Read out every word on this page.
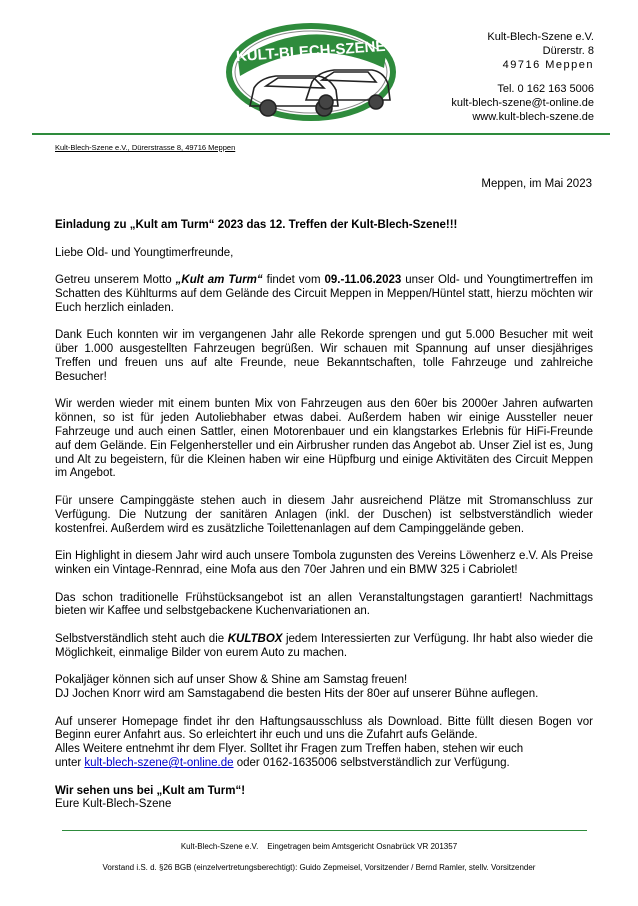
KULT-BLECH-SZENE
Kult-Blech-Szene e.V.
Dürerstr. 8
49716 Meppen
Tel. 0 162 163 5006
kult-blech-szene@t-online.de
www.kult-blech-szene.de
Kult-Blech-Szene e.V., Dürerstrasse 8, 49716 Meppen
Meppen, im Mai 2023

Einladung zu „Kult am Turm“ 2023 das 12. Treffen der Kult-Blech-Szene!!!

Liebe Old- und Youngtimerfreunde,

Getreu unserem Motto „Kult am Turm“ findet vom 09.-11.06.2023 unser Old- und Youngtimertreffen im Schatten des Kühlturms auf dem Gelände des Circuit Meppen in Meppen/Hüntel statt, hierzu möchten wir Euch herzlich einladen.

Dank Euch konnten wir im vergangenen Jahr alle Rekorde sprengen und gut 5.000 Besucher mit weit über 1.000 ausgestellten Fahrzeugen begrüßen. Wir schauen mit Spannung auf unser diesjähriges Treffen und freuen uns auf alte Freunde, neue Bekanntschaften, tolle Fahrzeuge und zahlreiche Besucher!

Wir werden wieder mit einem bunten Mix von Fahrzeugen aus den 60er bis 2000er Jahren aufwarten können, so ist für jeden Autoliebhaber etwas dabei. Außerdem haben wir einige Aussteller neuer Fahrzeuge und auch einen Sattler, einen Motorenbauer und ein klangstarkes Erlebnis für HiFi-Freunde auf dem Gelände. Ein Felgenhersteller und ein Airbrusher runden das Angebot ab. Unser Ziel ist es, Jung und Alt zu begeistern, für die Kleinen haben wir eine Hüpfburg und einige Aktivitäten des Circuit Meppen im Angebot.

Für unsere Campinggäste stehen auch in diesem Jahr ausreichend Plätze mit Stromanschluss zur Verfügung. Die Nutzung der sanitären Anlagen (inkl. der Duschen) ist selbstverständlich wieder kostenfrei. Außerdem wird es zusätzliche Toilettenanlagen auf dem Campinggelände geben.

Ein Highlight in diesem Jahr wird auch unsere Tombola zugunsten des Vereins Löwenherz e.V. Als Preise winken ein Vintage-Rennrad, eine Mofa aus den 70er Jahren und ein BMW 325 i Cabriolet!

Das schon traditionelle Frühstücksangebot ist an allen Veranstaltungstagen garantiert! Nachmittags bieten wir Kaffee und selbstgebackene Kuchenvariationen an.

Selbstverständlich steht auch die KULTBOX jedem Interessierten zur Verfügung. Ihr habt also wieder die Möglichkeit, einmalige Bilder von eurem Auto zu machen.

Pokaljäger können sich auf unser Show & Shine am Samstag freuen!
DJ Jochen Knorr wird am Samstagabend die besten Hits der 80er auf unserer Bühne auflegen.

Auf unserer Homepage findet ihr den Haftungsausschluss als Download. Bitte füllt diesen Bogen vor Beginn eurer Anfahrt aus. So erleichtert ihr euch und uns die Zufahrt aufs Gelände.
Alles Weitere entnehmt ihr dem Flyer. Solltet ihr Fragen zum Treffen haben, stehen wir euch
unter kult-blech-szene@t-online.de oder 0162-1635006 selbstverständlich zur Verfügung.

Wir sehen uns bei „Kult am Turm“!
Eure Kult-Blech-Szene
Kult-Blech-Szene e.V.    Eingetragen beim Amtsgericht Osnabrück VR 201357
Vorstand i.S. d. §26 BGB (einzelvertretungsberechtigt): Guido Zepmeisel, Vorsitzender / Bernd Ramler, stellv. Vorsitzender
